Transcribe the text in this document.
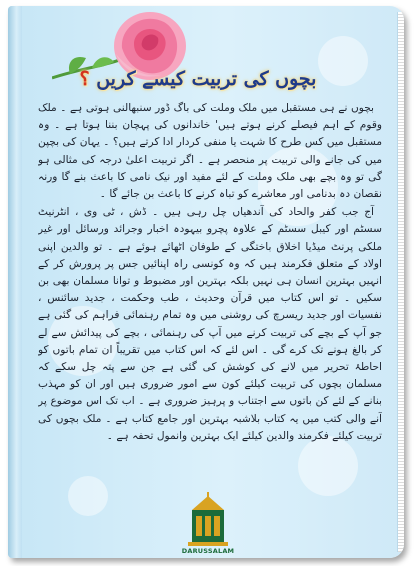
بچوں کی تربیت کیسے کریں ؟

بچوں نے ہی مستقبل میں ملک وملت کی باگ ڈور سنبھالنی ہوتی ہے ۔ ملک وقوم کے اہم فیصلے کرنے ہوتے ہیں' خاندانوں کی پہچان بننا ہوتا ہے ۔ وہ مستقبل میں کس طرح کا شہت یا منفی کردار ادا کرتے ہیں؟ ۔ یہان کی بچپن میں کی جانے والی تربیت پر منحصر ہے ۔ اگر تربیت اعلیٰ درجہ کی مثالی ہو گی تو وہ بچے بھی ملک وملت کے لئے مفید اور نیک نامی کا باعث بنے گا ورنہ نقصان دہ بدنامی اور معاشرے کو تباہ کرنے کا باعث بن جائے گا ۔

آج جب کفر والحاد کی آندھیاں چل رہی ہیں ۔ ڈش ، ٹی وی ، انٹرنیٹ سسٹم اور کیبل سسٹم کے علاوہ پچرو بیہودہ اخبار وجرائد ورسائل اور غیر ملکی پرنٹ میڈیا اخلاق باختگی کے طوفان اٹھائے ہوئے ہے ۔ تو والدین اپنی اولاد کے متعلق فکرمند ہیں کہ وہ کونسی راہ اپنائیں جس پر پرورش کر کے انہیں بہترین انسان ہی نہیں بلکہ بہترین اور مضبوط و توانا مسلمان بھی بن سکیں ۔ تو اس کتاب میں قرآن وحدیث ، طب وحکمت ، جدید سائنس ، نفسیات اور جدید ریسرچ کی روشنی میں وہ تمام رہنمائی فراہم کی گئی ہے جو آپ کے بچے کی تربیت کرنے میں آپ کی رہنمائی ، بچے کی پیدائش سے لے کر بالغ ہونے تک کرے گی ۔ اس لئے کہ اس کتاب میں تقریباً ان تمام باتوں کو احاطۂ تحریر میں لانے کی کوشش کی گئی ہے جن سے پتہ چل سکے کہ مسلمان بچوں کی تربیت کیلئے کون سے امور ضروری ہیں اور ان کو مہذب بنانے کے لئے کن باتوں سے اجتناب و پرہیز ضروری ہے ۔ اب تک اس موضوع پر آنے والی کتب میں یہ کتاب بلاشبہ بہترین اور جامع کتاب ہے ۔ ملک بچوں کی تربیت کیلئے فکرمند والدین کیلئے ایک بہترین وانمول تحفہ ہے ۔

DARUSSALAM
